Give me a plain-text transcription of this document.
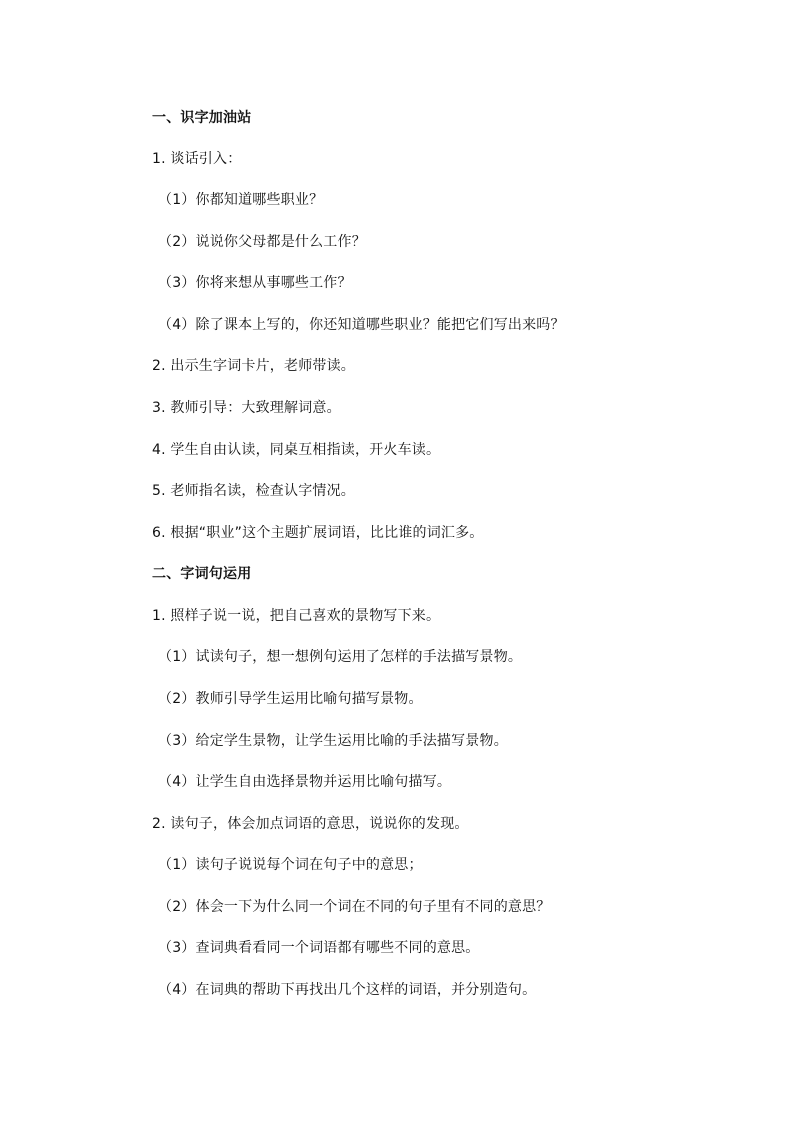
一、识字加油站
1. 谈话引入：
（1）你都知道哪些职业？
（2）说说你父母都是什么工作？
（3）你将来想从事哪些工作？
（4）除了课本上写的，你还知道哪些职业？能把它们写出来吗？
2. 出示生字词卡片，老师带读。
3. 教师引导：大致理解词意。
4. 学生自由认读，同桌互相指读，开火车读。
5. 老师指名读，检查认字情况。
6. 根据“职业”这个主题扩展词语，比比谁的词汇多。
二、字词句运用
1. 照样子说一说，把自己喜欢的景物写下来。
（1）试读句子，想一想例句运用了怎样的手法描写景物。
（2）教师引导学生运用比喻句描写景物。
（3）给定学生景物，让学生运用比喻的手法描写景物。
（4）让学生自由选择景物并运用比喻句描写。
2. 读句子，体会加点词语的意思，说说你的发现。
（1）读句子说说每个词在句子中的意思；
（2）体会一下为什么同一个词在不同的句子里有不同的意思？
（3）查词典看看同一个词语都有哪些不同的意思。
（4）在词典的帮助下再找出几个这样的词语，并分别造句。
